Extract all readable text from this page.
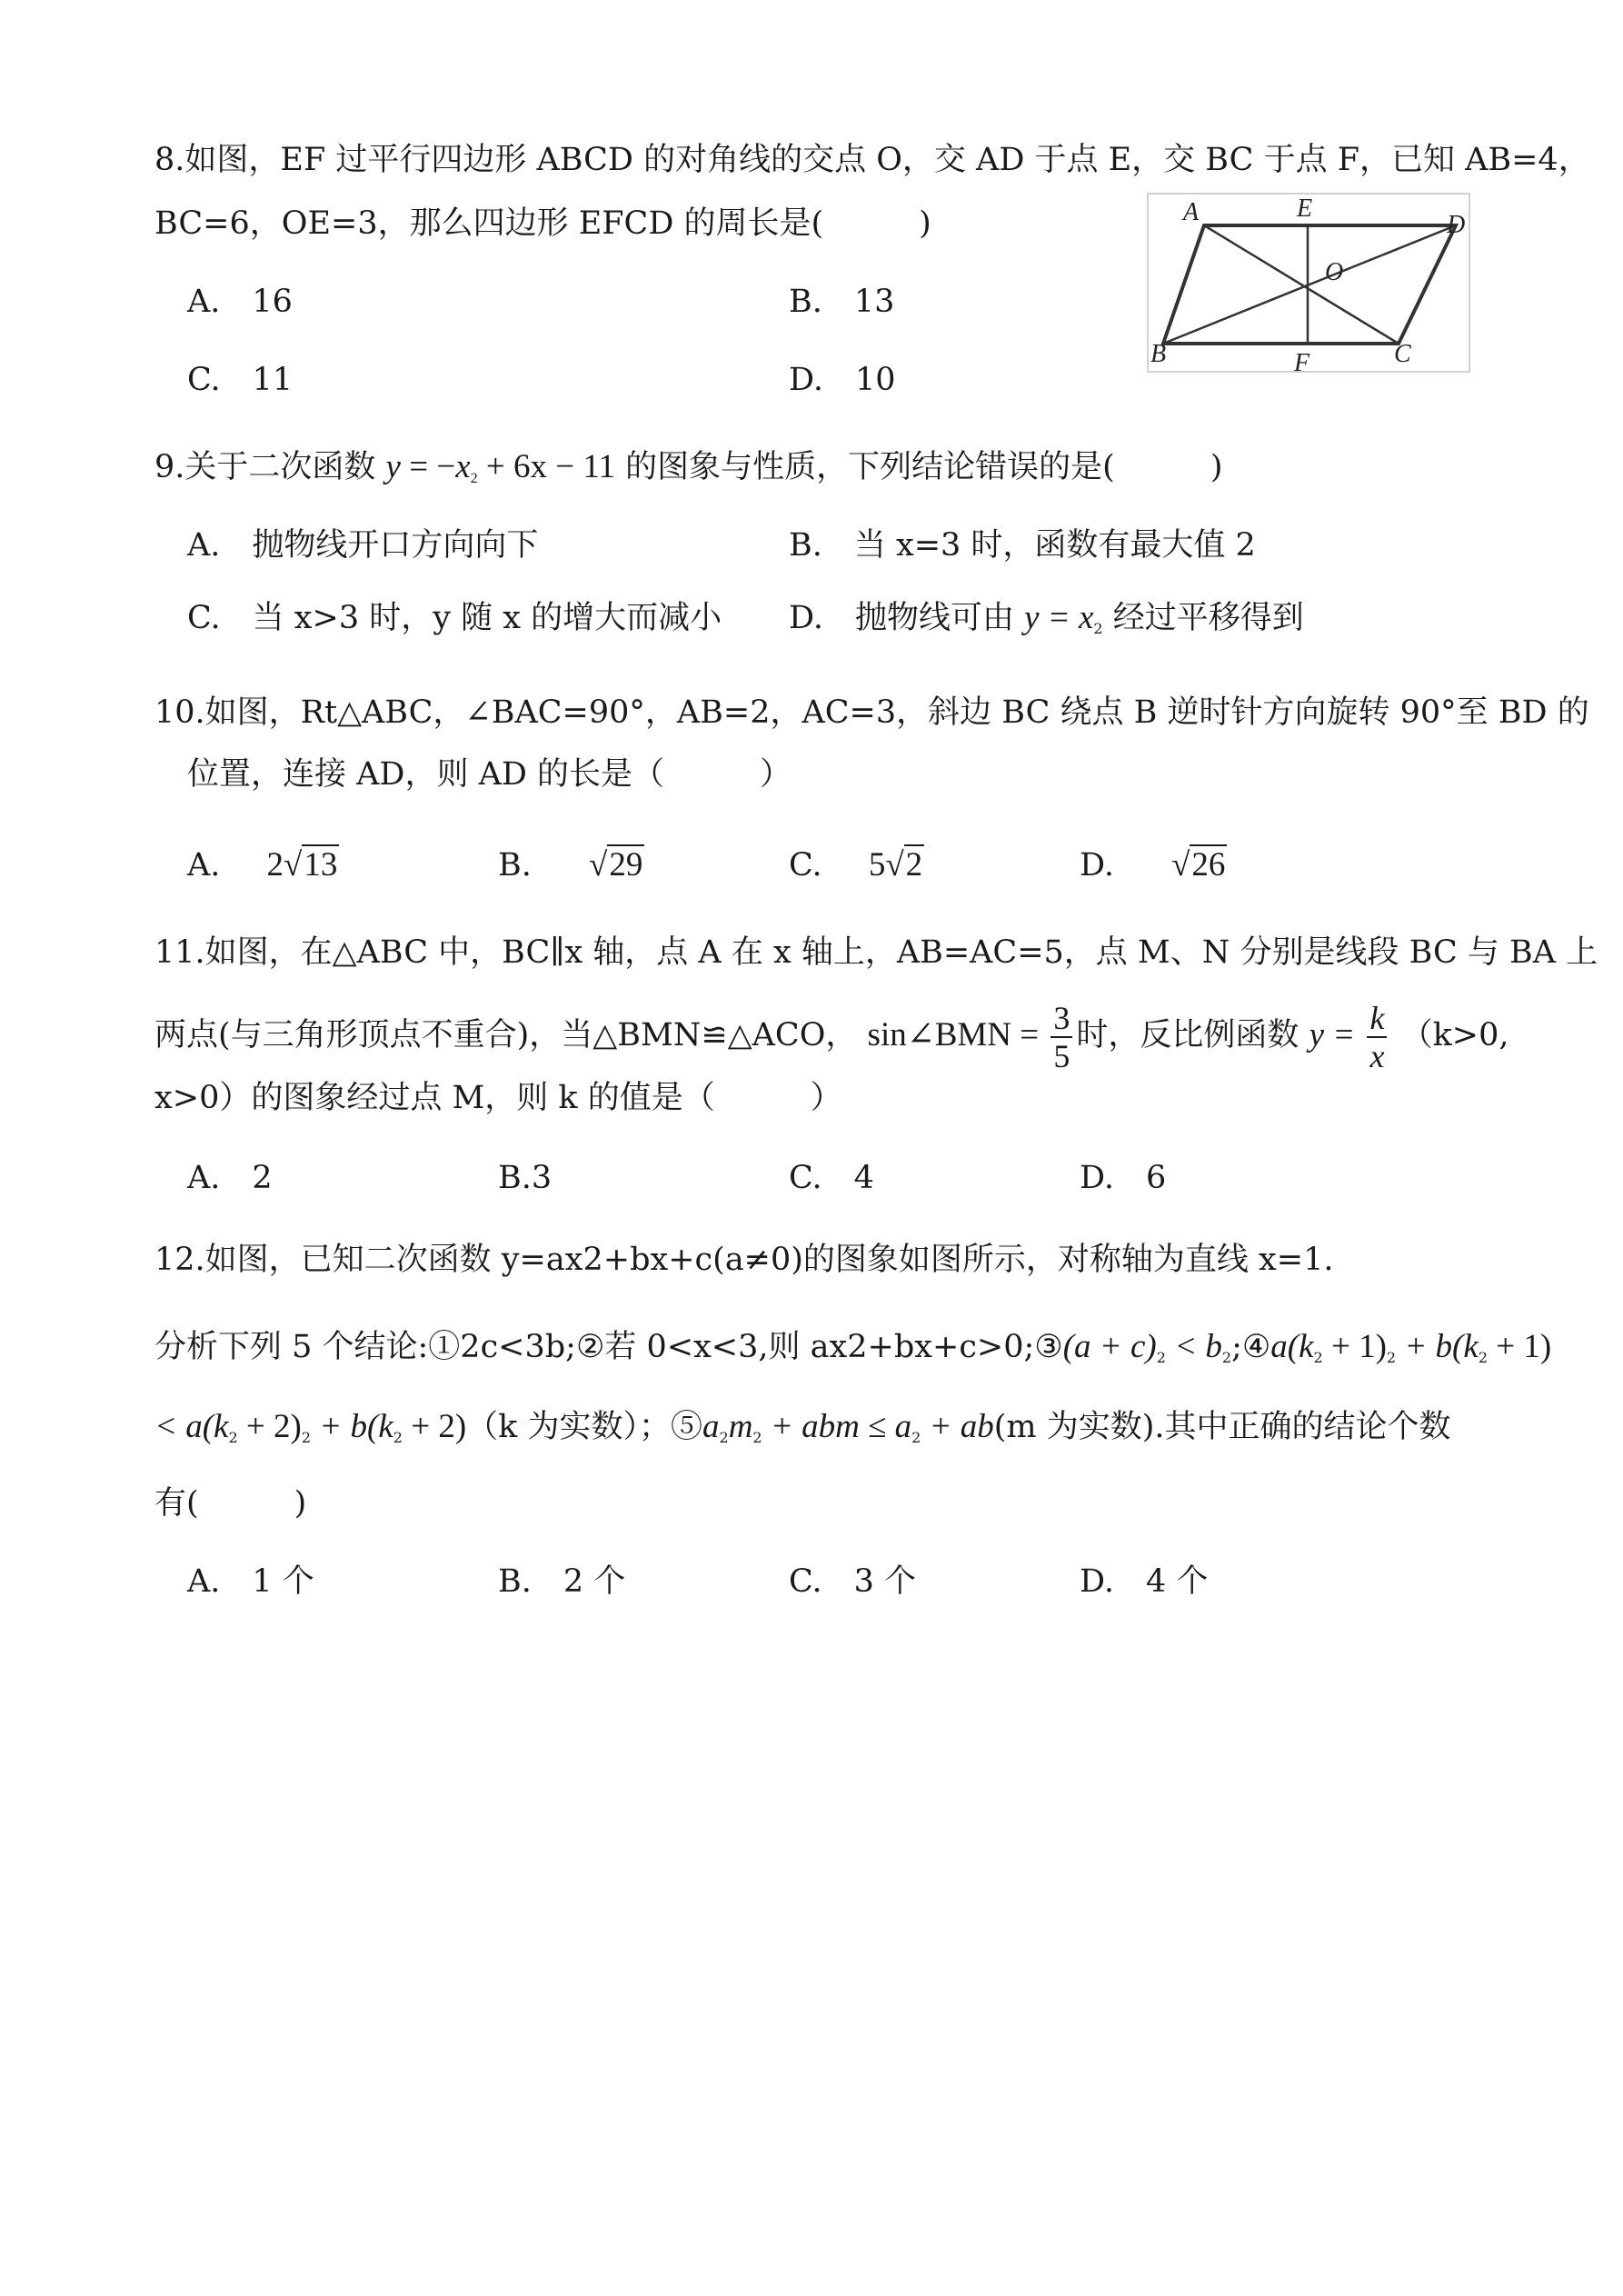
8.如图，EF 过平行四边形 ABCD 的对角线的交点 O，交 AD 于点 E，交 BC 于点 F，已知 AB=4，
BC=6，OE=3，那么四边形 EFCD 的周长是(　　　)
A.　16	B.　13
C.　11	D.　10
A	E
D
O
B	F	C
9.关于二次函数 $y = -x_2 + 6x - 11$ 的图象与性质，下列结论错误的是(　　　)
A.　抛物线开口方向向下	B.　当 x=3 时，函数有最大值 2
C.　当 x>3 时，y 随 x 的增大而减小 D.　抛物线可由 $y = x_2$ 经过平移得到
10.如图，Rt△ABC，∠BAC=90°，AB=2，AC=3，斜边 BC 绕点 B 逆时针方向旋转 90°至 BD 的
位置，连接 AD，则 AD 的长是（　　　）
A. 2√13	B. √29	C. 5√2	D. √26
11.如图，在△ABC 中，BC∥x 轴，点 A 在 x 轴上，AB=AC=5，点 M、N 分别是线段 BC 与 BA 上
两点(与三角形顶点不重合)，当△BMN≌△ACO， sin∠BMN = $\frac{3}{5}$ 时，反比例函数 $y = \frac{k}{x} (k>0$,
x>0）的图象经过点 M，则 k 的值是（　　　）
A.　2	B.3	C.　4	D.　6
12.如图，已知二次函数 y=ax2+bx+c(a≠0)的图象如图所示，对称轴为直线 x=1.
分析下列 5 个结论:①2c<3b;②若 0<x<3,则 ax2+bx+c>0;③(a + $c)_2$ < $b_2;④a(k_2 + 1)_2 + b(k_2 + 1)$
< $a(k_2 + 2)_2 + b(k_2 + 2)(k$ 为实数）；$⑤a_2m_2$ + abm ≤ $a_2 + ab(m$ 为实数).其中正确的结论个数
有(　　　)
A.　1 个	B.　2 个	C.　3 个	D.　4 个
